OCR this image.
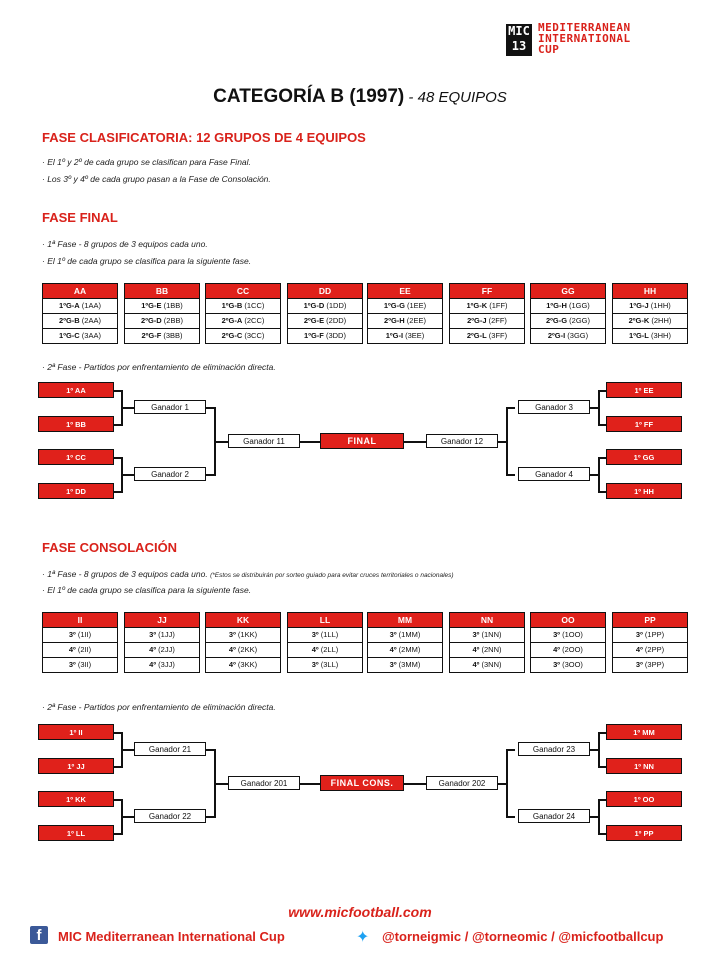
MIC 13
MEDITERRANEAN
INTERNATIONAL
CUP
CATEGORÍA B (1997) - 48 EQUIPOS
FASE CLASIFICATORIA: 12 GRUPOS DE 4 EQUIPOS
· El 1º y 2º de cada grupo se clasifican para Fase Final.
· Los 3º y 4º de cada grupo pasan a la Fase de Consolación.
FASE FINAL
· 1ª Fase - 8 grupos de 3 equipos cada uno.
· El 1º de cada grupo se clasifica para la siguiente fase.
AA
1ºG-A (1AA)
2ºG-B (2AA)
1ºG-C (3AA)
BB
1ºG-E (1BB)
2ºG-D (2BB)
2ºG-F (3BB)
CC
1ºG-B (1CC)
2ºG-A (2CC)
2ºG-C (3CC)
DD
1ºG-D (1DD)
2ºG-E (2DD)
1ºG-F (3DD)
EE
1ºG-G (1EE)
2ºG-H (2EE)
1ºG-I (3EE)
FF
1ºG-K (1FF)
2ºG-J (2FF)
2ºG-L (3FF)
GG
1ºG-H (1GG)
2ºG-G (2GG)
2ºG-I (3GG)
HH
1ºG-J (1HH)
2ºG-K (2HH)
1ºG-L (3HH)
· 2ª Fase - Partidos por enfrentamiento de eliminación directa.
1º AA
1º BB
1º CC
1º DD
1º EE
1º FF
1º GG
1º HH
Ganador 1
Ganador 2
Ganador 3
Ganador 4
Ganador 11	Ganador 12
FINAL
FASE CONSOLACIÓN
· 1ª Fase - 8 grupos de 3 equipos cada uno. (*Estos se distribuirán por sorteo guiado para evitar cruces territoriales o nacionales)
· El 1º de cada grupo se clasifica para la siguiente fase.
II
3º (1II)
4º (2II)
3º (3II)
JJ
3º (1JJ)
4º (2JJ)
4º (3JJ)
KK
3º (1KK)
4º (2KK)
4º (3KK)
LL
3º (1LL)
4º (2LL)
3º (3LL)
MM
3º (1MM)
4º (2MM)
3º (3MM)
NN
3º (1NN)
4º (2NN)
4º (3NN)
OO
3º (1OO)
4º (2OO)
3º (3OO)
PP
3º (1PP)
4º (2PP)
3º (3PP)
· 2ª Fase - Partidos por enfrentamiento de eliminación directa.
1º II
1º JJ
1º KK
1º LL
1º MM
1º NN
1º OO
1º PP
Ganador 21
Ganador 22
Ganador 23
Ganador 24
Ganador 201	Ganador 202
FINAL CONS.
www.micfootball.com
f	MIC Mediterranean International Cup	✦ @torneigmic / @torneomic / @micfootballcup
